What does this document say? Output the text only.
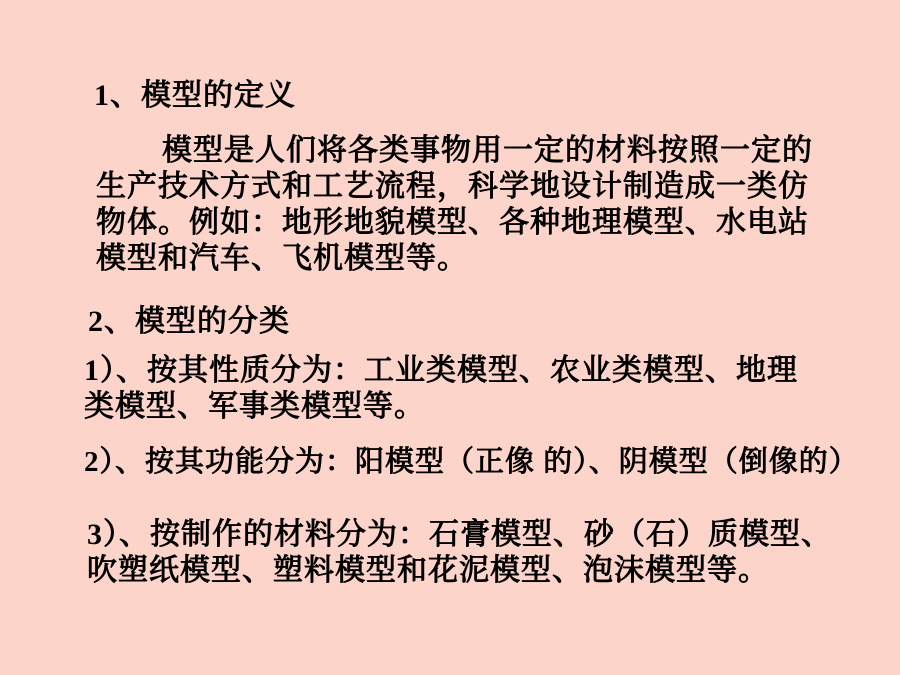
1、模型的定义
模型是人们将各类事物用一定的材料按照一定的
生产技术方式和工艺流程，科学地设计制造成一类仿
物体。例如：地形地貌模型、各种地理模型、水电站
模型和汽车、飞机模型等。
2、模型的分类
1）、按其性质分为：工业类模型、农业类模型、地理
类模型、军事类模型等。
2）、按其功能分为：阳模型（正像 的）、阴模型（倒像的）
3）、按制作的材料分为：石膏模型、砂（石）质模型、
吹塑纸模型、塑料模型和花泥模型、泡沫模型等。
